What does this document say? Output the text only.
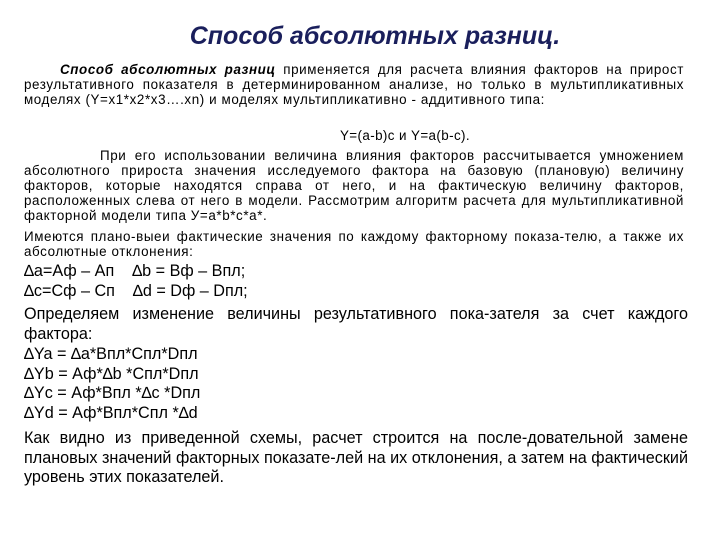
Способ абсолютных разниц.
Способ абсолютных разниц применяется для расчета влияния факторов на прирост результативного показателя в детерминированном анализе, но только в мультипликативных моделях (Y=x1*x2*x3….xn) и моделях мультипликативно - аддитивного типа:
Y=(a-b)c и Y=a(b-c).
При его использовании величина влияния факторов рассчитывается умножением абсолютного прироста значения исследуемого фактора на базовую (плановую) величину факторов, которые находятся справа от него, и на фактическую величину факторов, расположенных слева от него в модели. Рассмотрим алгоритм расчета для мультипликативной факторной модели типа У=а*b*c*a*.
Имеются плано-выеи фактические значения по каждому факторному показа-телю, а также их абсолютные отклонения:
∆а=Аф – Ап ∆b = Вф – Впл;
∆с=Сф – Сп ∆d = Dф – Dпл;
Определяем изменение величины результативного пока-зателя за счет каждого фактора:
∆Ya = ∆a*Впл*Спл*Dпл
∆Yb = Аф*∆b *Спл*Dпл
∆Yc = Аф*Впл *∆c *Dпл
∆Yd = Аф*Впл*Спл *∆d
Как видно из приведенной схемы, расчет строится на после-довательной замене плановых значений факторных показате-лей на их отклонения, а затем на фактический уровень этих показателей.
